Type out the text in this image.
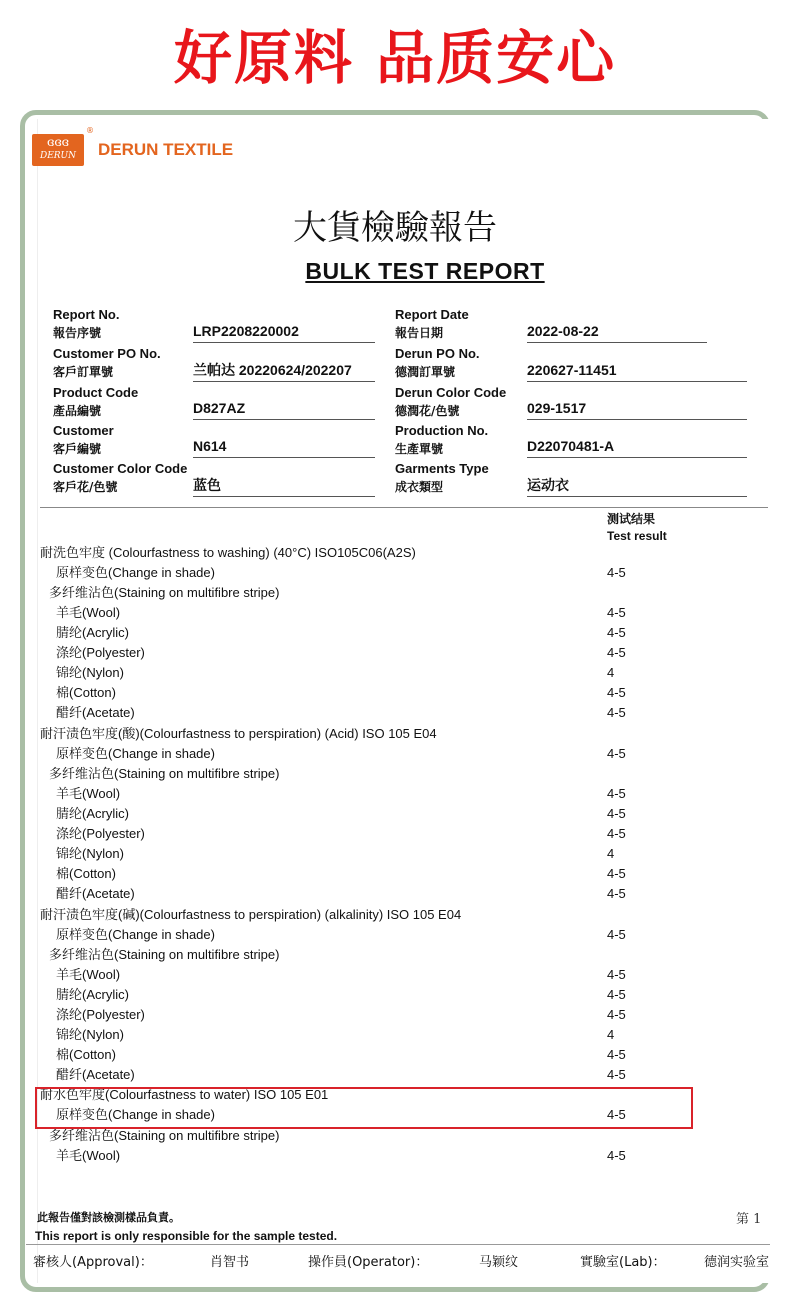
好原料 品质安心
ɞɞɞ
DERUN
®
DERUN TEXTILE
大貨檢驗報告
BULK TEST REPORT
Report No.
報告序號	LRP2208220002
Customer PO No.
客戶訂單號	兰帕达 20220624/202207
Product Code
產品編號	D827AZ
Customer
客戶編號	N614
Customer Color Code
客戶花/色號	蓝色
Report Date
報告日期	2022-08-22
Derun PO No.
德潤訂單號	220627-11451
Derun Color Code
德潤花/色號	029-1517
Production No.
生產單號	D22070481-A
Garments Type
成衣類型	运动衣
测试结果
Test result
耐洗色牢度 (Colourfastness to washing) (40°C) ISO105C06(A2S)
原样变色(Change in shade)	4-5
多纤维沾色(Staining on multifibre stripe)
羊毛(Wool)	4-5
腈纶(Acrylic)	4-5
涤纶(Polyester)	4-5
锦纶(Nylon)	4
棉(Cotton)	4-5
醋纤(Acetate)	4-5
耐汗渍色牢度(酸)(Colourfastness to perspiration) (Acid) ISO 105 E04
原样变色(Change in shade)	4-5
多纤维沾色(Staining on multifibre stripe)
羊毛(Wool)	4-5
腈纶(Acrylic)	4-5
涤纶(Polyester)	4-5
锦纶(Nylon)	4
棉(Cotton)	4-5
醋纤(Acetate)	4-5
耐汗渍色牢度(碱)(Colourfastness to perspiration) (alkalinity) ISO 105 E04
原样变色(Change in shade)	4-5
多纤维沾色(Staining on multifibre stripe)
羊毛(Wool)	4-5
腈纶(Acrylic)	4-5
涤纶(Polyester)	4-5
锦纶(Nylon)	4
棉(Cotton)	4-5
醋纤(Acetate)	4-5
耐水色牢度(Colourfastness to water) ISO 105 E01
原样变色(Change in shade)	4-5
多纤维沾色(Staining on multifibre stripe)
羊毛(Wool)	4-5
此報告僅對該檢測樣品負責。
This report is only responsible for the sample tested.
第 1
審核人(Approval)：	肖智书	操作員(Operator)：	马颖纹	實驗室(Lab)：	德润实验室
